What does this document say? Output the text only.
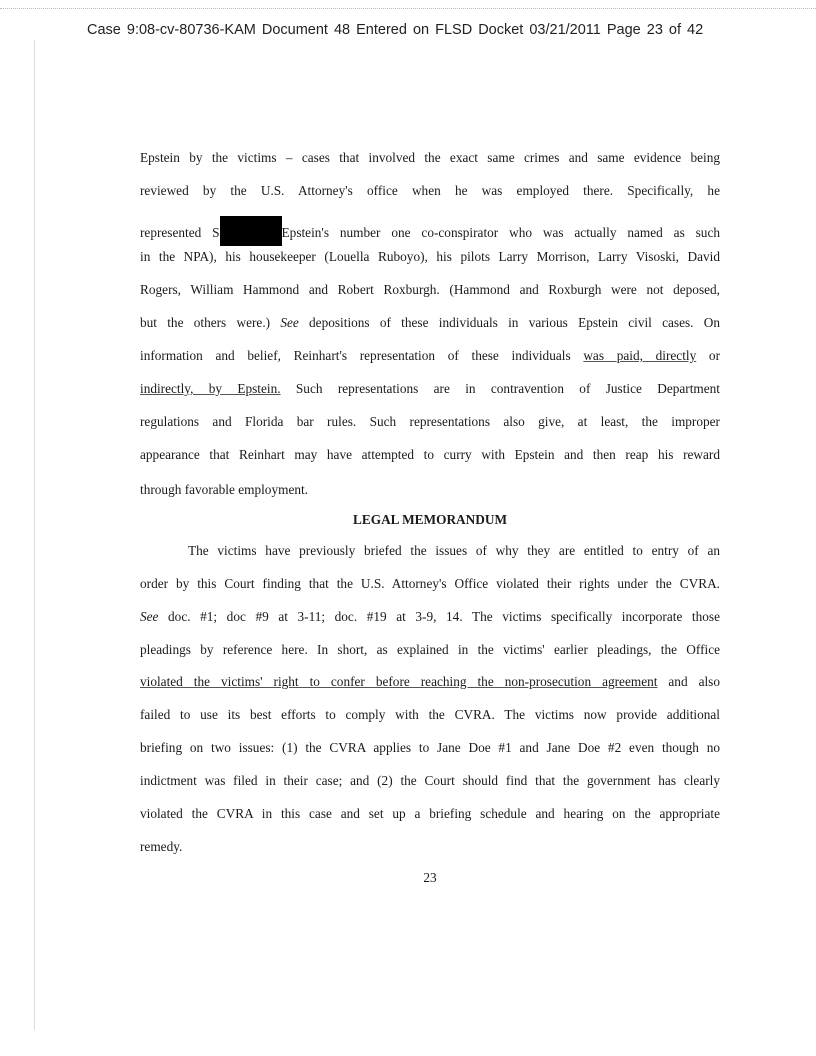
Case 9:08-cv-80736-KAM Document 48 Entered on FLSD Docket 03/21/2011 Page 23 of 42
Epstein by the victims – cases that involved the exact same crimes and same evidence being
reviewed by the U.S. Attorney's office when he was employed there. Specifically, he
represented S	Epstein's number one co-conspirator who was actually named as such
in the NPA), his housekeeper (Louella Ruboyo), his pilots Larry Morrison, Larry Visoski, David
Rogers, William Hammond and Robert Roxburgh. (Hammond and Roxburgh were not deposed,
but the others were.) See depositions of these individuals in various Epstein civil cases. On
information and belief, Reinhart's representation of these individuals was paid, directly or
indirectly, by Epstein. Such representations are in contravention of Justice Department
regulations and Florida bar rules. Such representations also give, at least, the improper
appearance that Reinhart may have attempted to curry with Epstein and then reap his reward
through favorable employment.
LEGAL MEMORANDUM
The victims have previously briefed the issues of why they are entitled to entry of an
order by this Court finding that the U.S. Attorney's Office violated their rights under the CVRA.
See doc. #1; doc #9 at 3-11; doc. #19 at 3-9, 14. The victims specifically incorporate those
pleadings by reference here. In short, as explained in the victims' earlier pleadings, the Office
violated the victims' right to confer before reaching the non-prosecution agreement and also
failed to use its best efforts to comply with the CVRA. The victims now provide additional
briefing on two issues: (1) the CVRA applies to Jane Doe #1 and Jane Doe #2 even though no
indictment was filed in their case; and (2) the Court should find that the government has clearly
violated the CVRA in this case and set up a briefing schedule and hearing on the appropriate
remedy.
23
